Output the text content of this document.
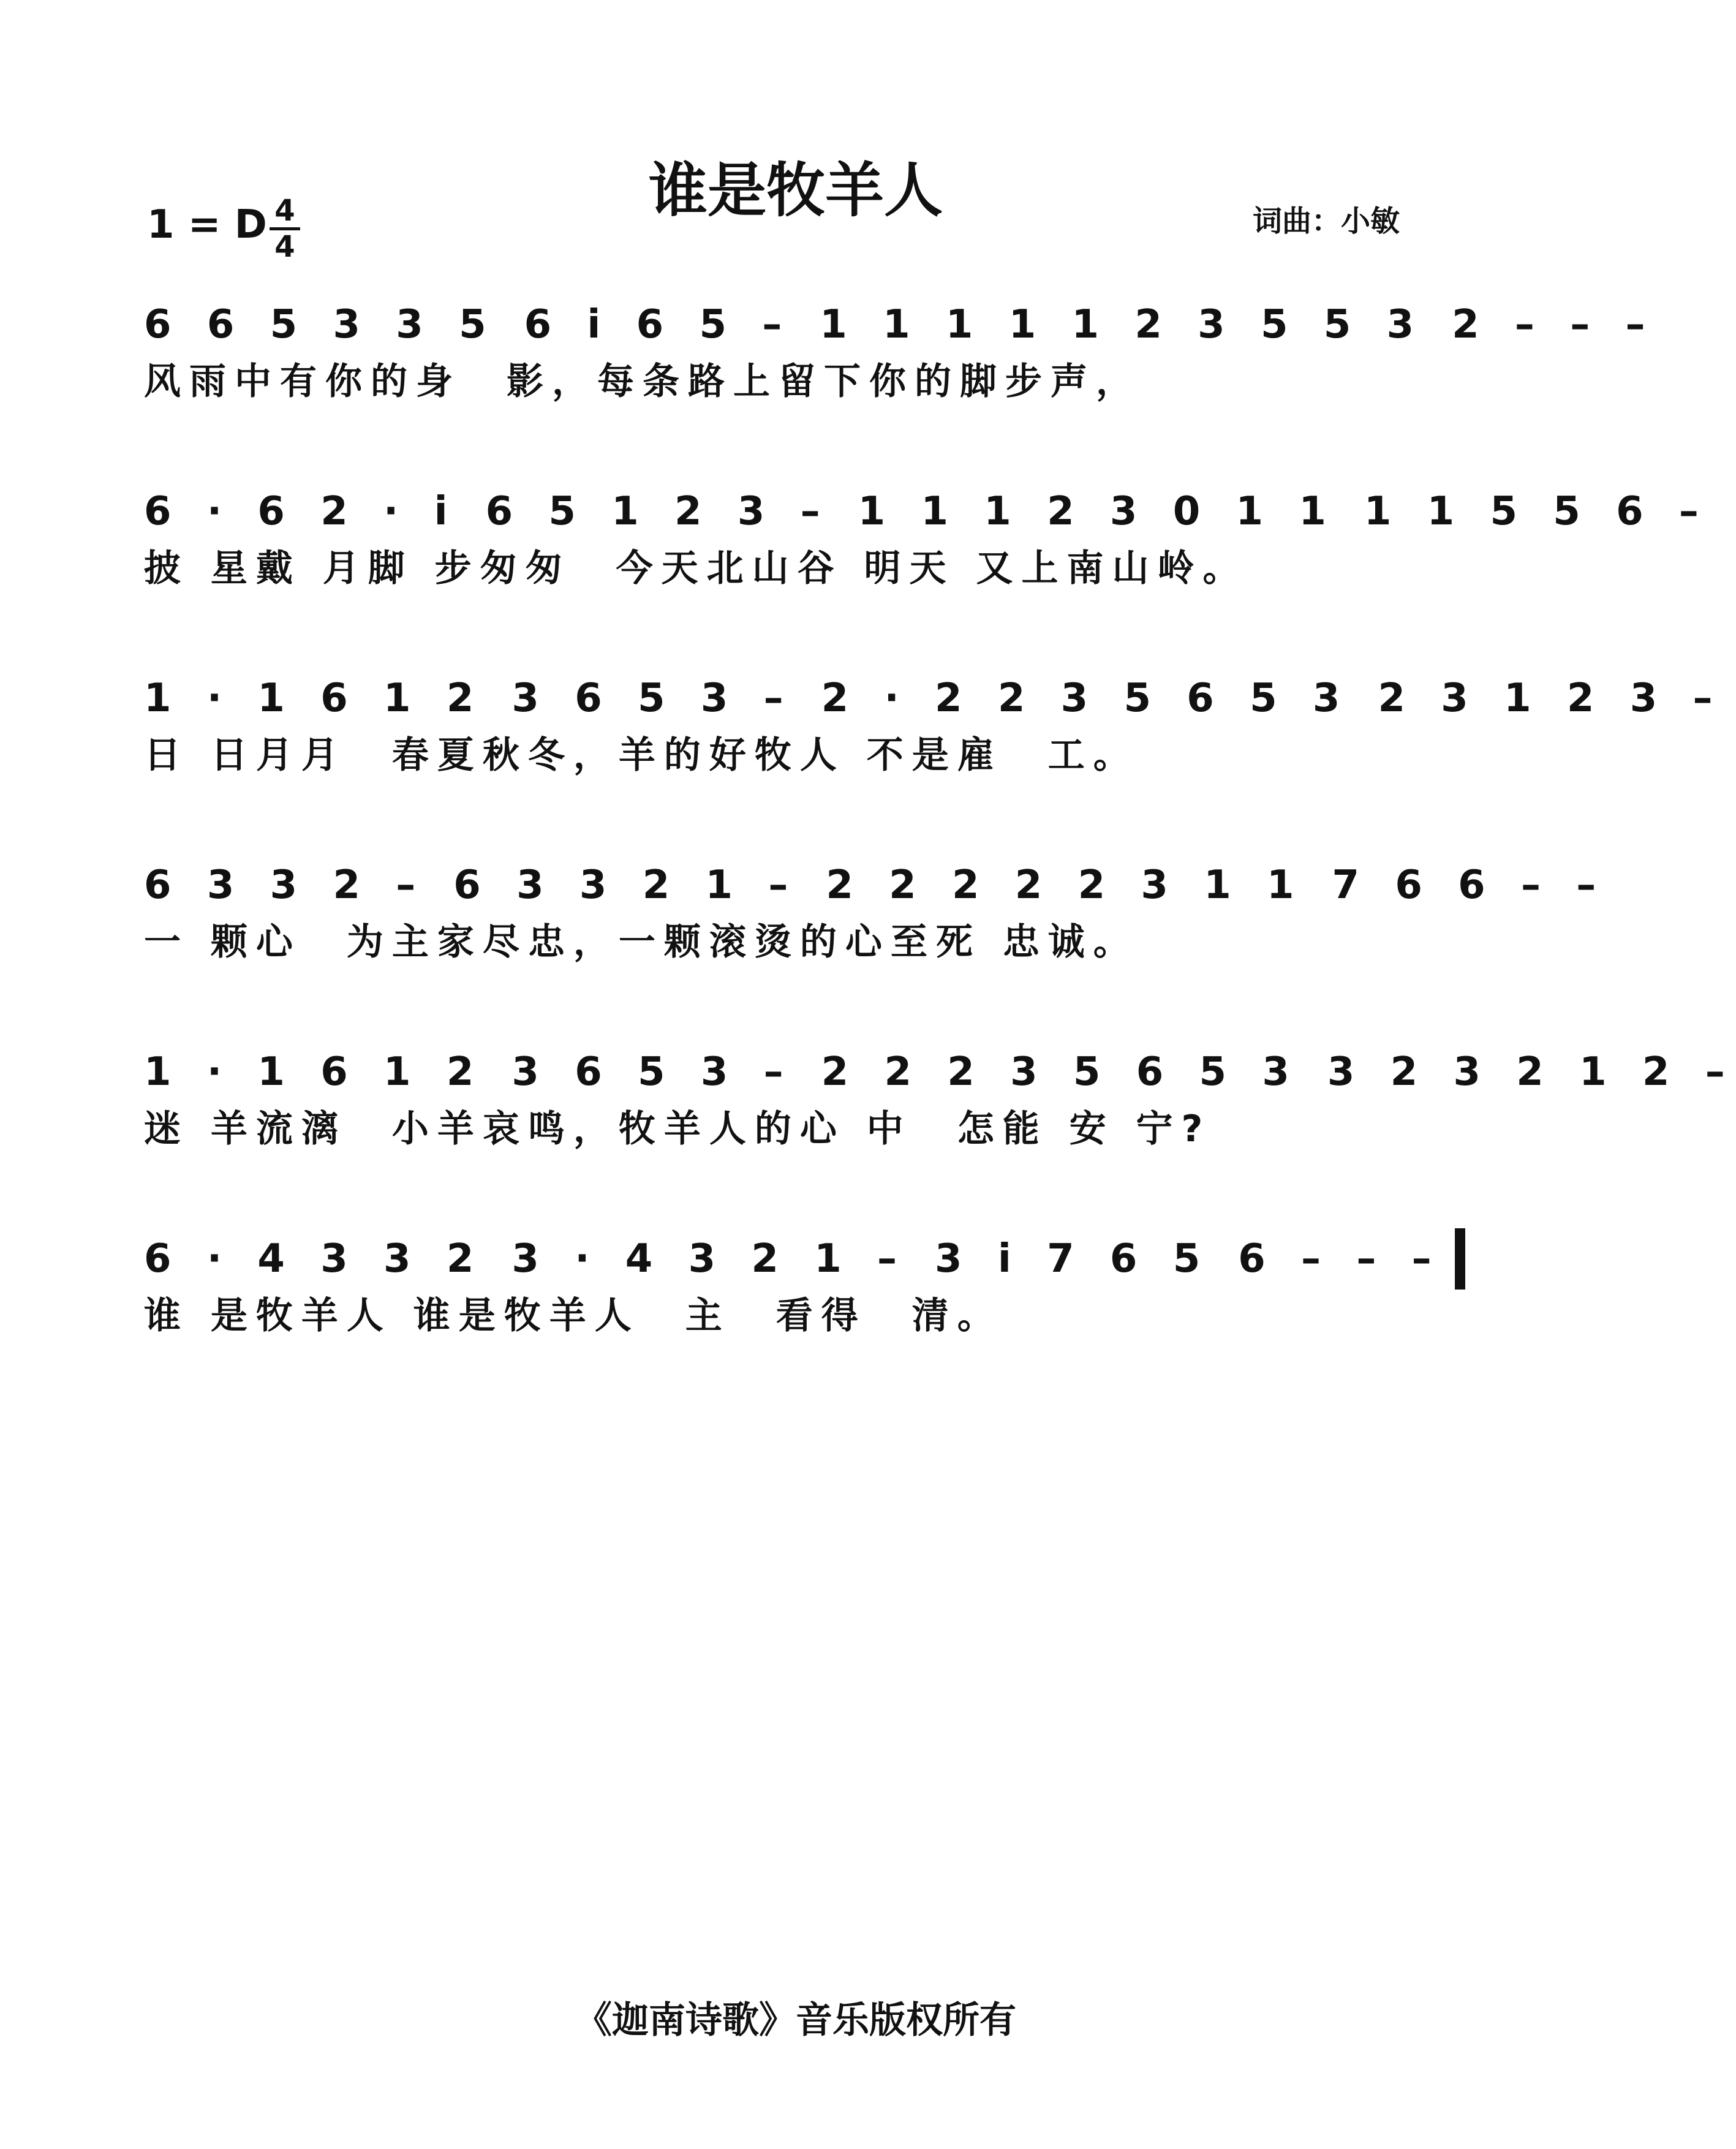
谁是牧羊人
1 = D 4
4
词曲：小敏
6 6 5 3 3 5 6 i 6 5 – 1 1 1 1 1 2 3 5 5 3 2 – – –
风雨中有你的身　影，每条路上留下你的脚步声，
6 · 6 2 · i 6 5 1 2 3 – 1 1 1 2 3 0 1 1 1 1 5 5 6 –
披 星戴 月脚 步匆匆　今天北山谷 明天 又上南山岭。
1 · 1 6 1 2 3 6 5 3 – 2 · 2 2 3 5 6 5 3 2 3 1 2 3 –
日 日月月　春夏秋冬，羊的好牧人 不是雇　工。
6 3 3 2 – 6 3 3 2 1 – 2 2 2 2 2 3 1 1 7 6 6 – –
一 颗心　为主家尽忠，一颗滚烫的心至死 忠诚。
1 · 1 6 1 2 3 6 5 3 – 2 2 2 3 5 6 5 3 3 2 3 2 1 2 –
迷 羊流漓　小羊哀鸣，牧羊人的心 中　怎能 安 宁?
6 · 4 3 3 2 3 · 4 3 2 1 – 3 i 7 6 5 6 – – –
谁 是牧羊人 谁是牧羊人　主　看得　清。
《迦南诗歌》音乐版权所有
